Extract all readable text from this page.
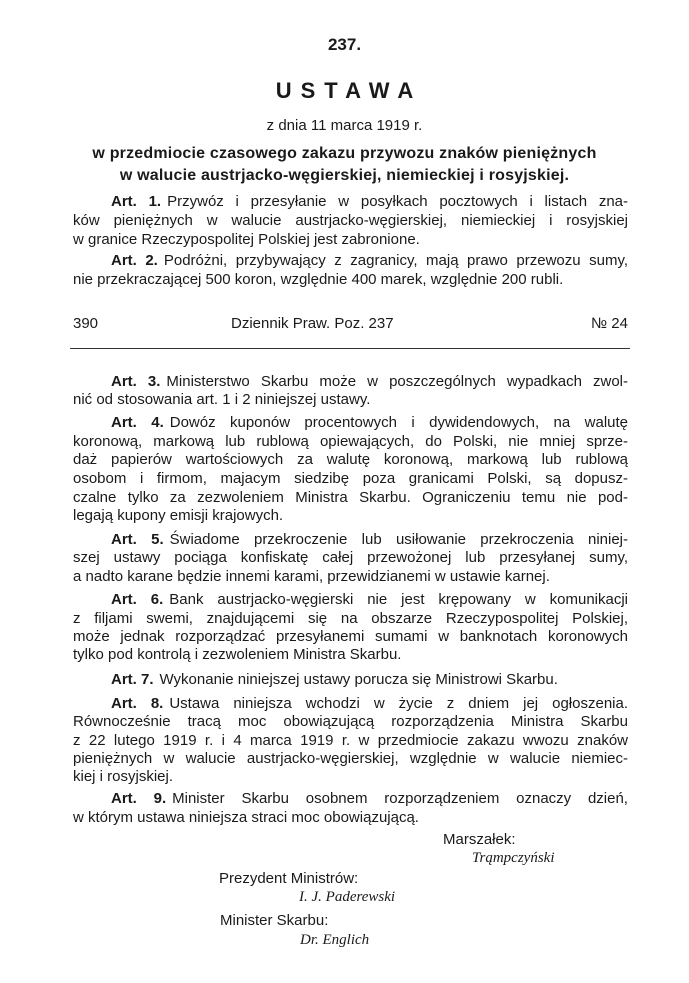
237.
USTAWA
z dnia 11 marca 1919 r.
w przedmiocie czasowego zakazu przywozu znaków pieniężnych
w walucie austrjacko-węgierskiej, niemieckiej i rosyjskiej.
390	Dziennik Praw. Poz. 237	№ 24
Art. 1. Przywóz i przesyłanie w posyłkach pocztowych i listach zna-
ków pieniężnych w walucie austrjacko-węgierskiej, niemieckiej i rosyjskiej
w granice Rzeczypospolitej Polskiej jest zabronione.
Art. 2. Podróżni, przybywający z zagranicy, mają prawo przewozu sumy,
nie przekraczającej 500 koron, względnie 400 marek, względnie 200 rubli.
Art. 3. Ministerstwo Skarbu może w poszczególnych wypadkach zwol-
nić od stosowania art. 1 i 2 niniejszej ustawy.
Art. 4. Dowóz kuponów procentowych i dywidendowych, na walutę
koronową, markową lub rublową opiewających, do Polski, nie mniej sprze-
daż papierów wartościowych za walutę koronową, markową lub rublową
osobom i firmom, majacym siedzibę poza granicami Polski, są dopusz-
czalne tylko za zezwoleniem Ministra Skarbu. Ograniczeniu temu nie pod-
legają kupony emisji krajowych.
Art. 5. Świadome przekroczenie lub usiłowanie przekroczenia niniej-
szej ustawy pociąga konfiskatę całej przewożonej lub przesyłanej sumy,
a nadto karane będzie innemi karami, przewidzianemi w ustawie karnej.
Art. 6. Bank austrjacko-węgierski nie jest krępowany w komunikacji
z filjami swemi, znajdującemi się na obszarze Rzeczypospolitej Polskiej,
może jednak rozporządzać przesyłanemi sumami w banknotach koronowych
tylko pod kontrolą i zezwoleniem Ministra Skarbu.
Art. 7. Wykonanie niniejszej ustawy porucza się Ministrowi Skarbu.
Art. 8. Ustawa niniejsza wchodzi w życie z dniem jej ogłoszenia.
Równocześnie tracą moc obowiązującą rozporządzenia Ministra Skarbu
z 22 lutego 1919 r. i 4 marca 1919 r. w przedmiocie zakazu wwozu znaków
pieniężnych w walucie austrjacko-węgierskiej, względnie w walucie niemiec-
kiej i rosyjskiej.
Art. 9. Minister Skarbu osobnem rozporządzeniem oznaczy dzień,
w którym ustawa niniejsza straci moc obowiązującą.
Marszałek:
Trąmpczyński
Prezydent Ministrów:
I. J. Paderewski
Minister Skarbu:
Dr. Englich
